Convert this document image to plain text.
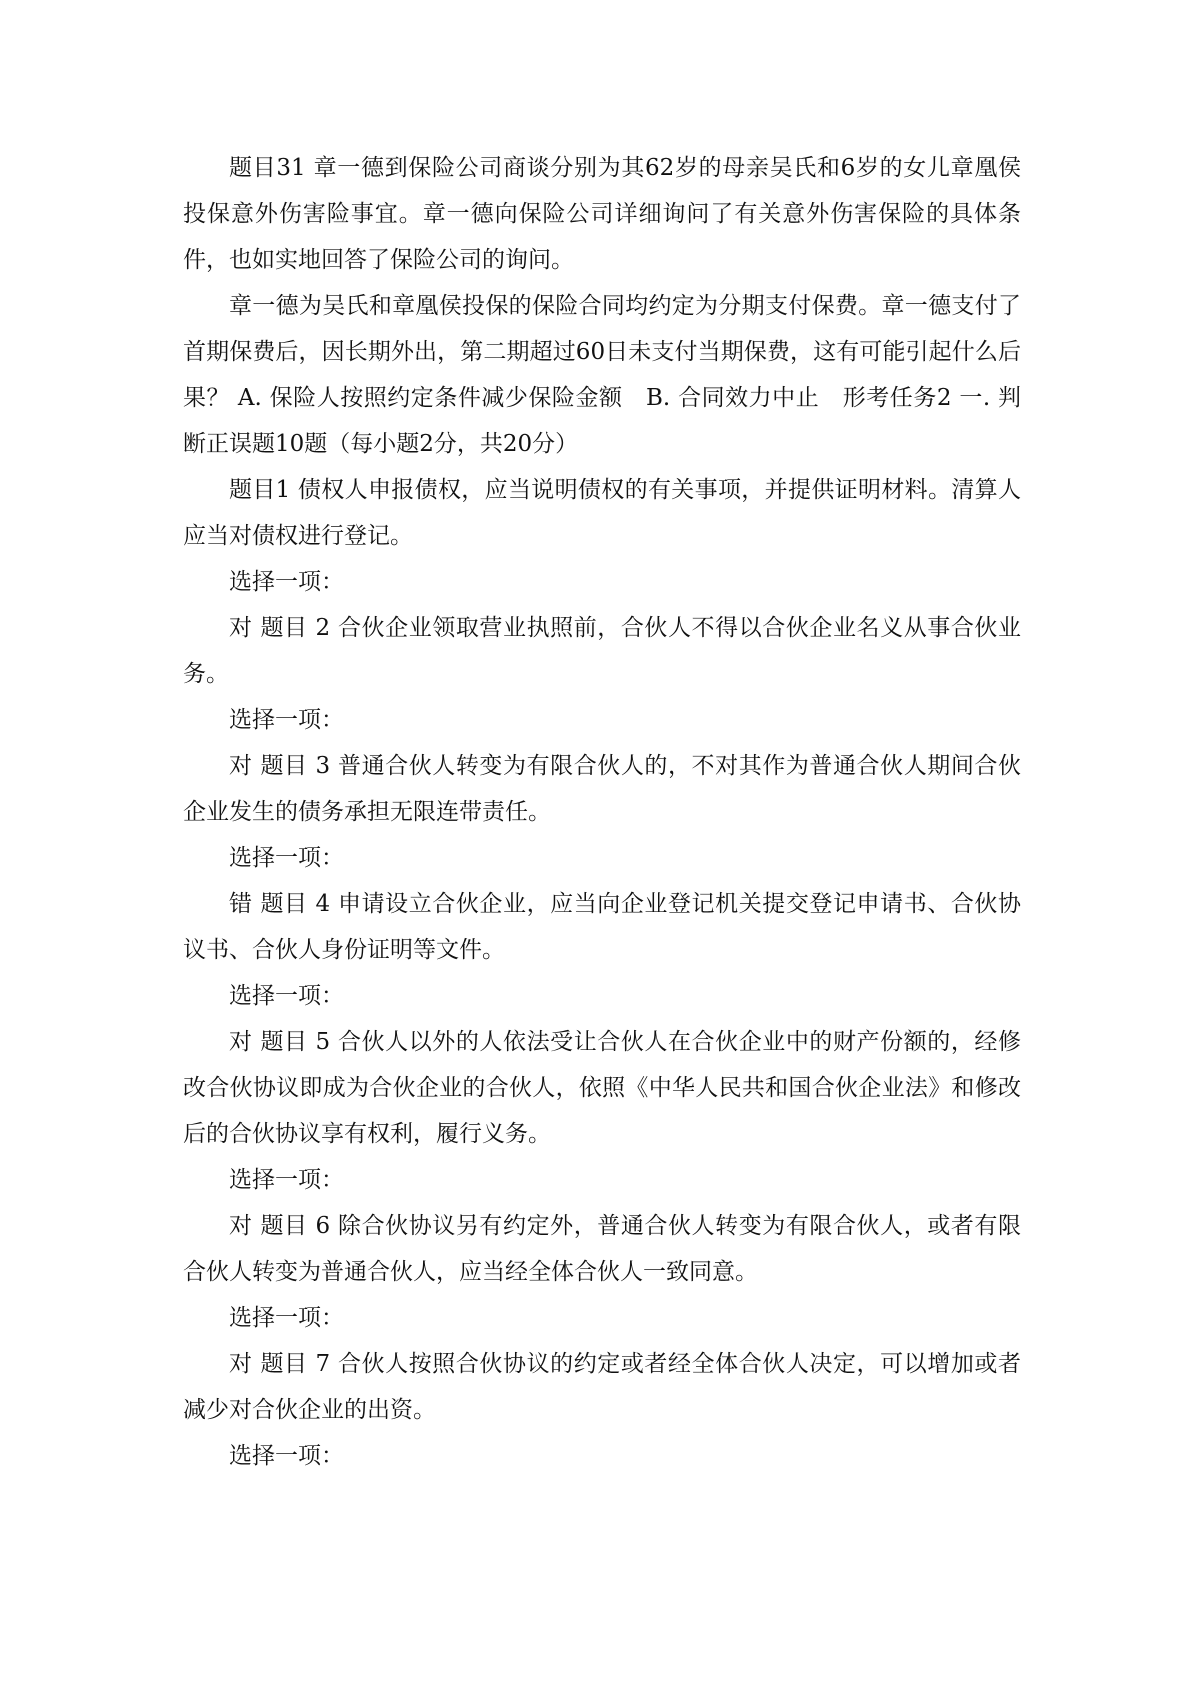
题目31 章一德到保险公司商谈分别为其62岁的母亲吴氏和6岁的女儿章凰侯投保意外伤害险事宜。章一德向保险公司详细询问了有关意外伤害保险的具体条件，也如实地回答了保险公司的询问。

章一德为吴氏和章凰侯投保的保险合同均约定为分期支付保费。章一德支付了首期保费后，因长期外出，第二期超过60日未支付当期保费，这有可能引起什么后果？ A. 保险人按照约定条件减少保险金额　B. 合同效力中止　形考任务2 一. 判断正误题10题（每小题2分，共20分）

题目1 债权人申报债权，应当说明债权的有关事项，并提供证明材料。清算人应当对债权进行登记。

选择一项：

对 题目 2 合伙企业领取营业执照前，合伙人不得以合伙企业名义从事合伙业务。

选择一项：

对 题目 3 普通合伙人转变为有限合伙人的，不对其作为普通合伙人期间合伙企业发生的债务承担无限连带责任。

选择一项：

错 题目 4 申请设立合伙企业，应当向企业登记机关提交登记申请书、合伙协议书、合伙人身份证明等文件。

选择一项：

对 题目 5 合伙人以外的人依法受让合伙人在合伙企业中的财产份额的，经修改合伙协议即成为合伙企业的合伙人，依照《中华人民共和国合伙企业法》和修改后的合伙协议享有权利，履行义务。

选择一项：

对 题目 6 除合伙协议另有约定外，普通合伙人转变为有限合伙人，或者有限合伙人转变为普通合伙人，应当经全体合伙人一致同意。

选择一项：

对 题目 7 合伙人按照合伙协议的约定或者经全体合伙人决定，可以增加或者减少对合伙企业的出资。

选择一项：
